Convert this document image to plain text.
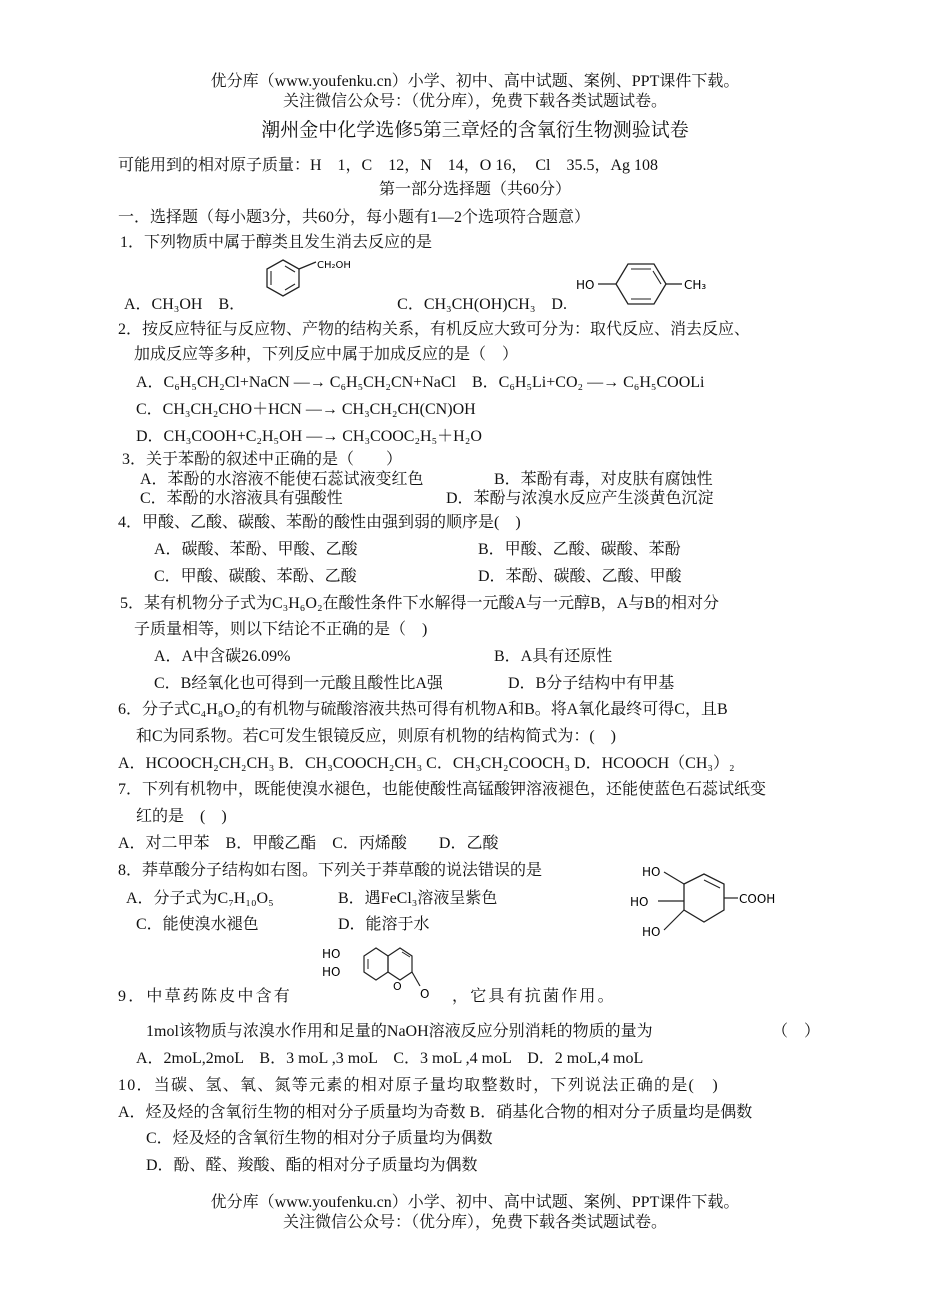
优分库（www.youfenku.cn）小学、初中、高中试题、案例、PPT课件下载。
关注微信公众号：（优分库），免费下载各类试题试卷。
潮州金中化学选修5第三章烃的含氧衍生物测验试卷
可能用到的相对原子质量：H　1，C　12，N　14，O 16，　Cl　35.5，Ag 108
第一部分选择题（共60分）
一．选择题（每小题3分，共60分，每小题有1—2个选项符合题意）
1．下列物质中属于醇类且发生消去反应的是
CH₂OH
HO	CH₃
A．CH₃OH　B．　　　　　　　　　　C．CH₃CH(OH)CH₃　D.
2．按反应特征与反应物、产物的结构关系，有机反应大致可分为：取代反应、消去反应、
加成反应等多种，下列反应中属于加成反应的是（　）
A．C₆H₅CH₂Cl+NaCN —→ C₆H₅CH₂CN+NaCl　B．C₆H₅Li+CO₂ —→ C₆H₅COOLi
C．CH₃CH₂CHO＋HCN —→ CH₃CH₂CH(CN)OH
D．CH₃COOH+C₂H₅OH —→ CH₃COOC₂H₅＋H₂O
3．关于苯酚的叙述中正确的是（　　）
A．苯酚的水溶液不能使石蕊试液变红色	B．苯酚有毒，对皮肤有腐蚀性
C．苯酚的水溶液具有强酸性	D．苯酚与浓溴水反应产生淡黄色沉淀
4．甲酸、乙酸、碳酸、苯酚的酸性由强到弱的顺序是(　)
A．碳酸、苯酚、甲酸、乙酸	B．甲酸、乙酸、碳酸、苯酚
C．甲酸、碳酸、苯酚、乙酸	D．苯酚、碳酸、乙酸、甲酸
5．某有机物分子式为C₃H₆O₂在酸性条件下水解得一元酸A与一元醇B，A与B的相对分
子质量相等，则以下结论不正确的是（　)
A．A中含碳26.09%	B．A具有还原性
C．B经氧化也可得到一元酸且酸性比A强	D．B分子结构中有甲基
6．分子式C₄H₈O₂的有机物与硫酸溶液共热可得有机物A和B。将A氧化最终可得C，且B
和C为同系物。若C可发生银镜反应，则原有机物的结构简式为：(　)
A．HCOOCH₂CH₂CH₃ B．CH₃COOCH₂CH₃ C．CH₃CH₂COOCH₃ D．HCOOCH（CH₃）₂
7．下列有机物中，既能使溴水褪色，也能使酸性高锰酸钾溶液褪色，还能使蓝色石蕊试纸变
红的是　(　)
A．对二甲苯　B．甲酸乙酯　C．丙烯酸　　D．乙酸
8．莽草酸分子结构如右图。下列关于莽草酸的说法错误的是
A．分子式为C₇H₁₀O₅	B．遇FeCl₃溶液呈紫色
C．能使溴水褪色	D．能溶于水
HO
HO
HO
COOH
HO
HO
O
O
9．中草药陈皮中含有	，它具有抗菌作用。
1mol该物质与浓溴水作用和足量的NaOH溶液反应分别消耗的物质的量为	（　）
A．2moL,2moL　B．3 moL ,3 moL　C．3 moL ,4 moL　D．2 moL,4 moL
10．当碳、氢、氧、氮等元素的相对原子量均取整数时，下列说法正确的是(　)
A．烃及烃的含氧衍生物的相对分子质量均为奇数 B．硝基化合物的相对分子质量均是偶数
C．烃及烃的含氧衍生物的相对分子质量均为偶数
D．酚、醛、羧酸、酯的相对分子质量均为偶数
优分库（www.youfenku.cn）小学、初中、高中试题、案例、PPT课件下载。
关注微信公众号：（优分库），免费下载各类试题试卷。
